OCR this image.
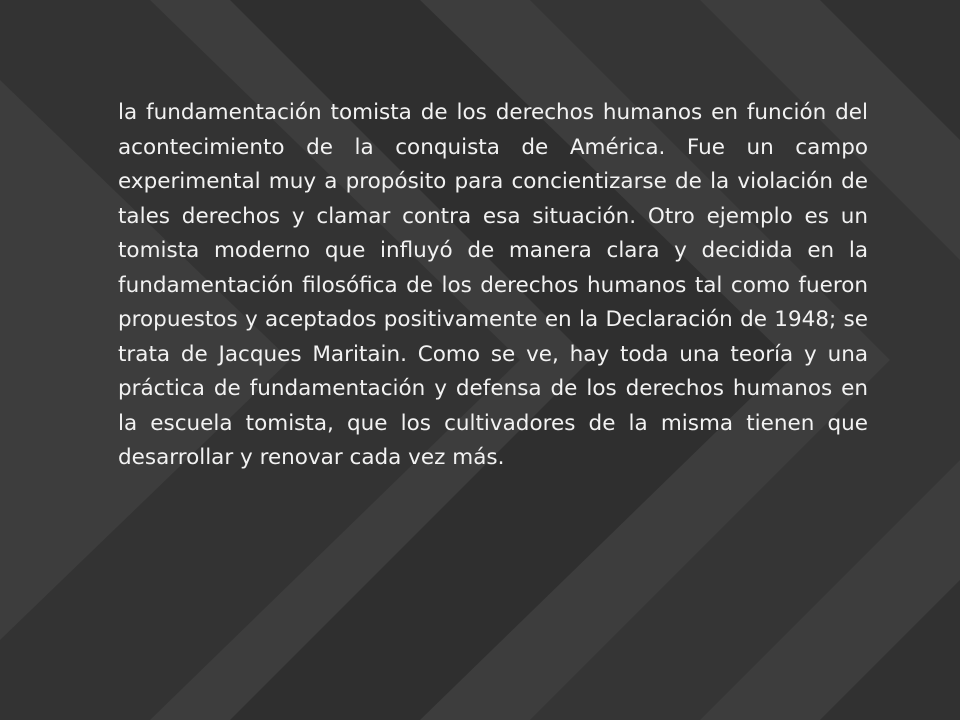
la fundamentación tomista de los derechos humanos en función del acontecimiento de la conquista de América. Fue un campo experimental muy a propósito para concientizarse de la violación de tales derechos y clamar contra esa situación. Otro ejemplo es un tomista moderno que influyó de manera clara y decidida en la fundamentación filosófica de los derechos humanos tal como fueron propuestos y aceptados positivamente en la Declaración de 1948; se trata de Jacques Maritain. Como se ve, hay toda una teoría y una práctica de fundamentación y defensa de los derechos humanos en la escuela tomista, que los cultivadores de la misma tienen que desarrollar y renovar cada vez más.
